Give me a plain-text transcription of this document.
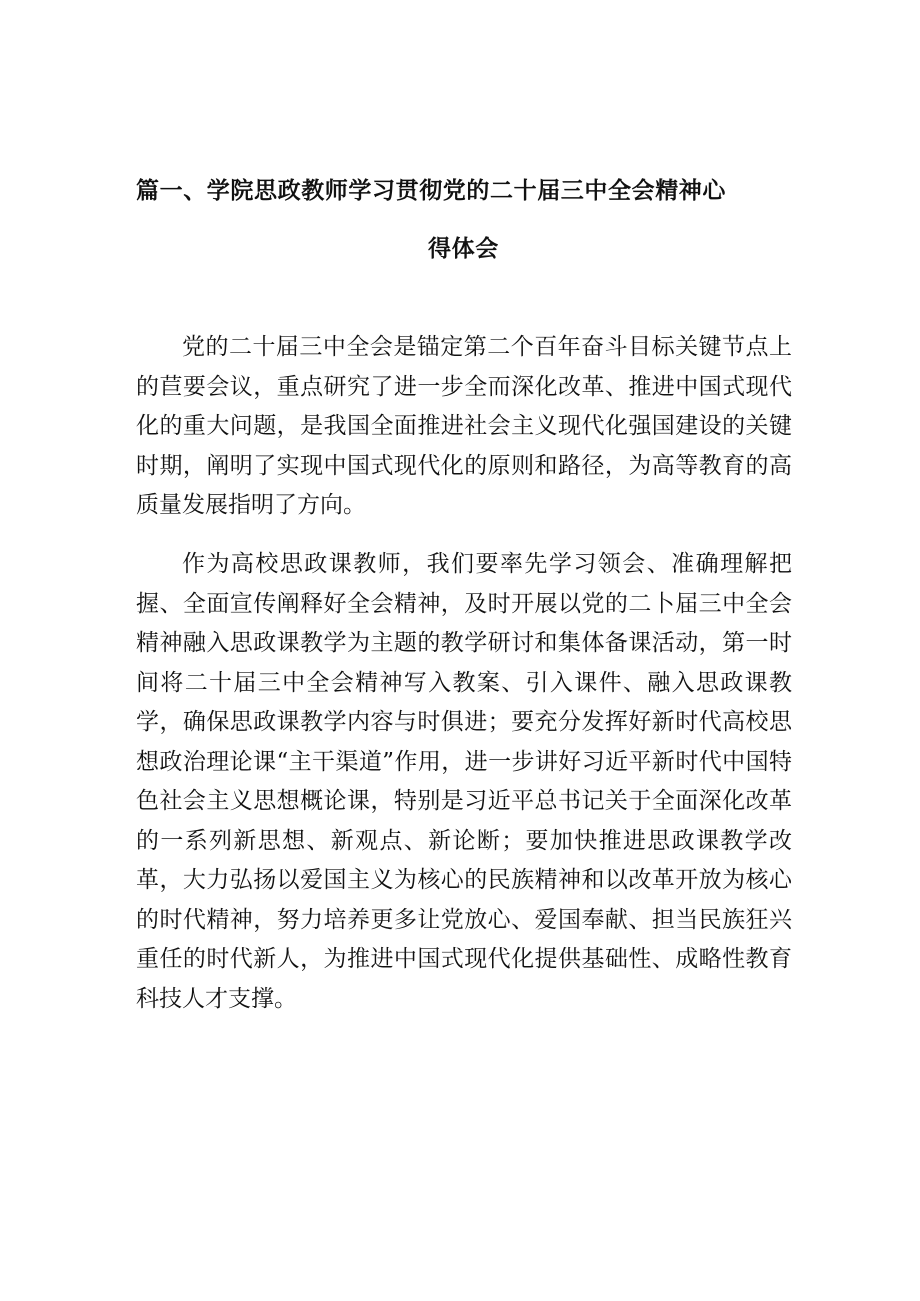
篇一、学院思政教师学习贯彻党的二十届三中全会精神心
得体会

党的二十届三中全会是锚定第二个百年奋斗目标关键节点上的苣要会议，重点研究了进一步全而深化改革、推进中国式现代化的重大问题，是我国全面推进社会主义现代化强国建设的关键时期，阐明了实现中国式现代化的原则和路径，为高等教育的高质量发展指明了方向。

作为高校思政课教师，我们要率先学习领会、准确理解把握、全面宣传阐释好全会精神，及时开展以党的二卜届三中全会精神融入思政课教学为主题的教学研讨和集体备课活动，第一时间将二十届三中全会精神写入教案、引入课件、融入思政课教学，确保思政课教学内容与时俱进；要充分发挥好新时代高校思想政治理论课“主干渠道”作用，进一步讲好习近平新时代中国特色社会主义思想概论课，特别是习近平总书记关于全面深化改革的一系列新思想、新观点、新论断；要加快推进思政课教学改革，大力弘扬以爱国主义为核心的民族精神和以改革开放为核心的时代精神，努力培养更多让党放心、爱国奉献、担当民族狂兴重任的时代新人，为推进中国式现代化提供基础性、成略性教育科技人才支撑。
